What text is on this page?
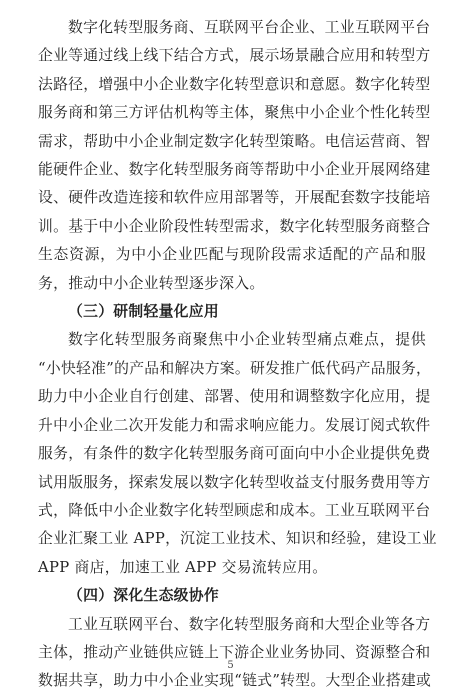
数字化转型服务商、互联网平台企业、工业互联网平台
企业等通过线上线下结合方式，展示场景融合应用和转型方
法路径，增强中小企业数字化转型意识和意愿。数字化转型
服务商和第三方评估机构等主体，聚焦中小企业个性化转型
需求，帮助中小企业制定数字化转型策略。电信运营商、智
能硬件企业、数字化转型服务商等帮助中小企业开展网络建
设、硬件改造连接和软件应用部署等，开展配套数字技能培
训。基于中小企业阶段性转型需求，数字化转型服务商整合
生态资源，为中小企业匹配与现阶段需求适配的产品和服
务，推动中小企业转型逐步深入。

（三）研制轻量化应用

数字化转型服务商聚焦中小企业转型痛点难点，提供
“小快轻准”的产品和解决方案。研发推广低代码产品服务，
助力中小企业自行创建、部署、使用和调整数字化应用，提
升中小企业二次开发能力和需求响应能力。发展订阅式软件
服务，有条件的数字化转型服务商可面向中小企业提供免费
试用版服务，探索发展以数字化转型收益支付服务费用等方
式，降低中小企业数字化转型顾虑和成本。工业互联网平台
企业汇聚工业 APP，沉淀工业技术、知识和经验，建设工业
APP 商店，加速工业 APP 交易流转应用。

（四）深化生态级协作

工业互联网平台、数字化转型服务商和大型企业等各方
主体，推动产业链供应链上下游企业业务协同、资源整合和
数据共享，助力中小企业实现“链式”转型。大型企业搭建或

5
